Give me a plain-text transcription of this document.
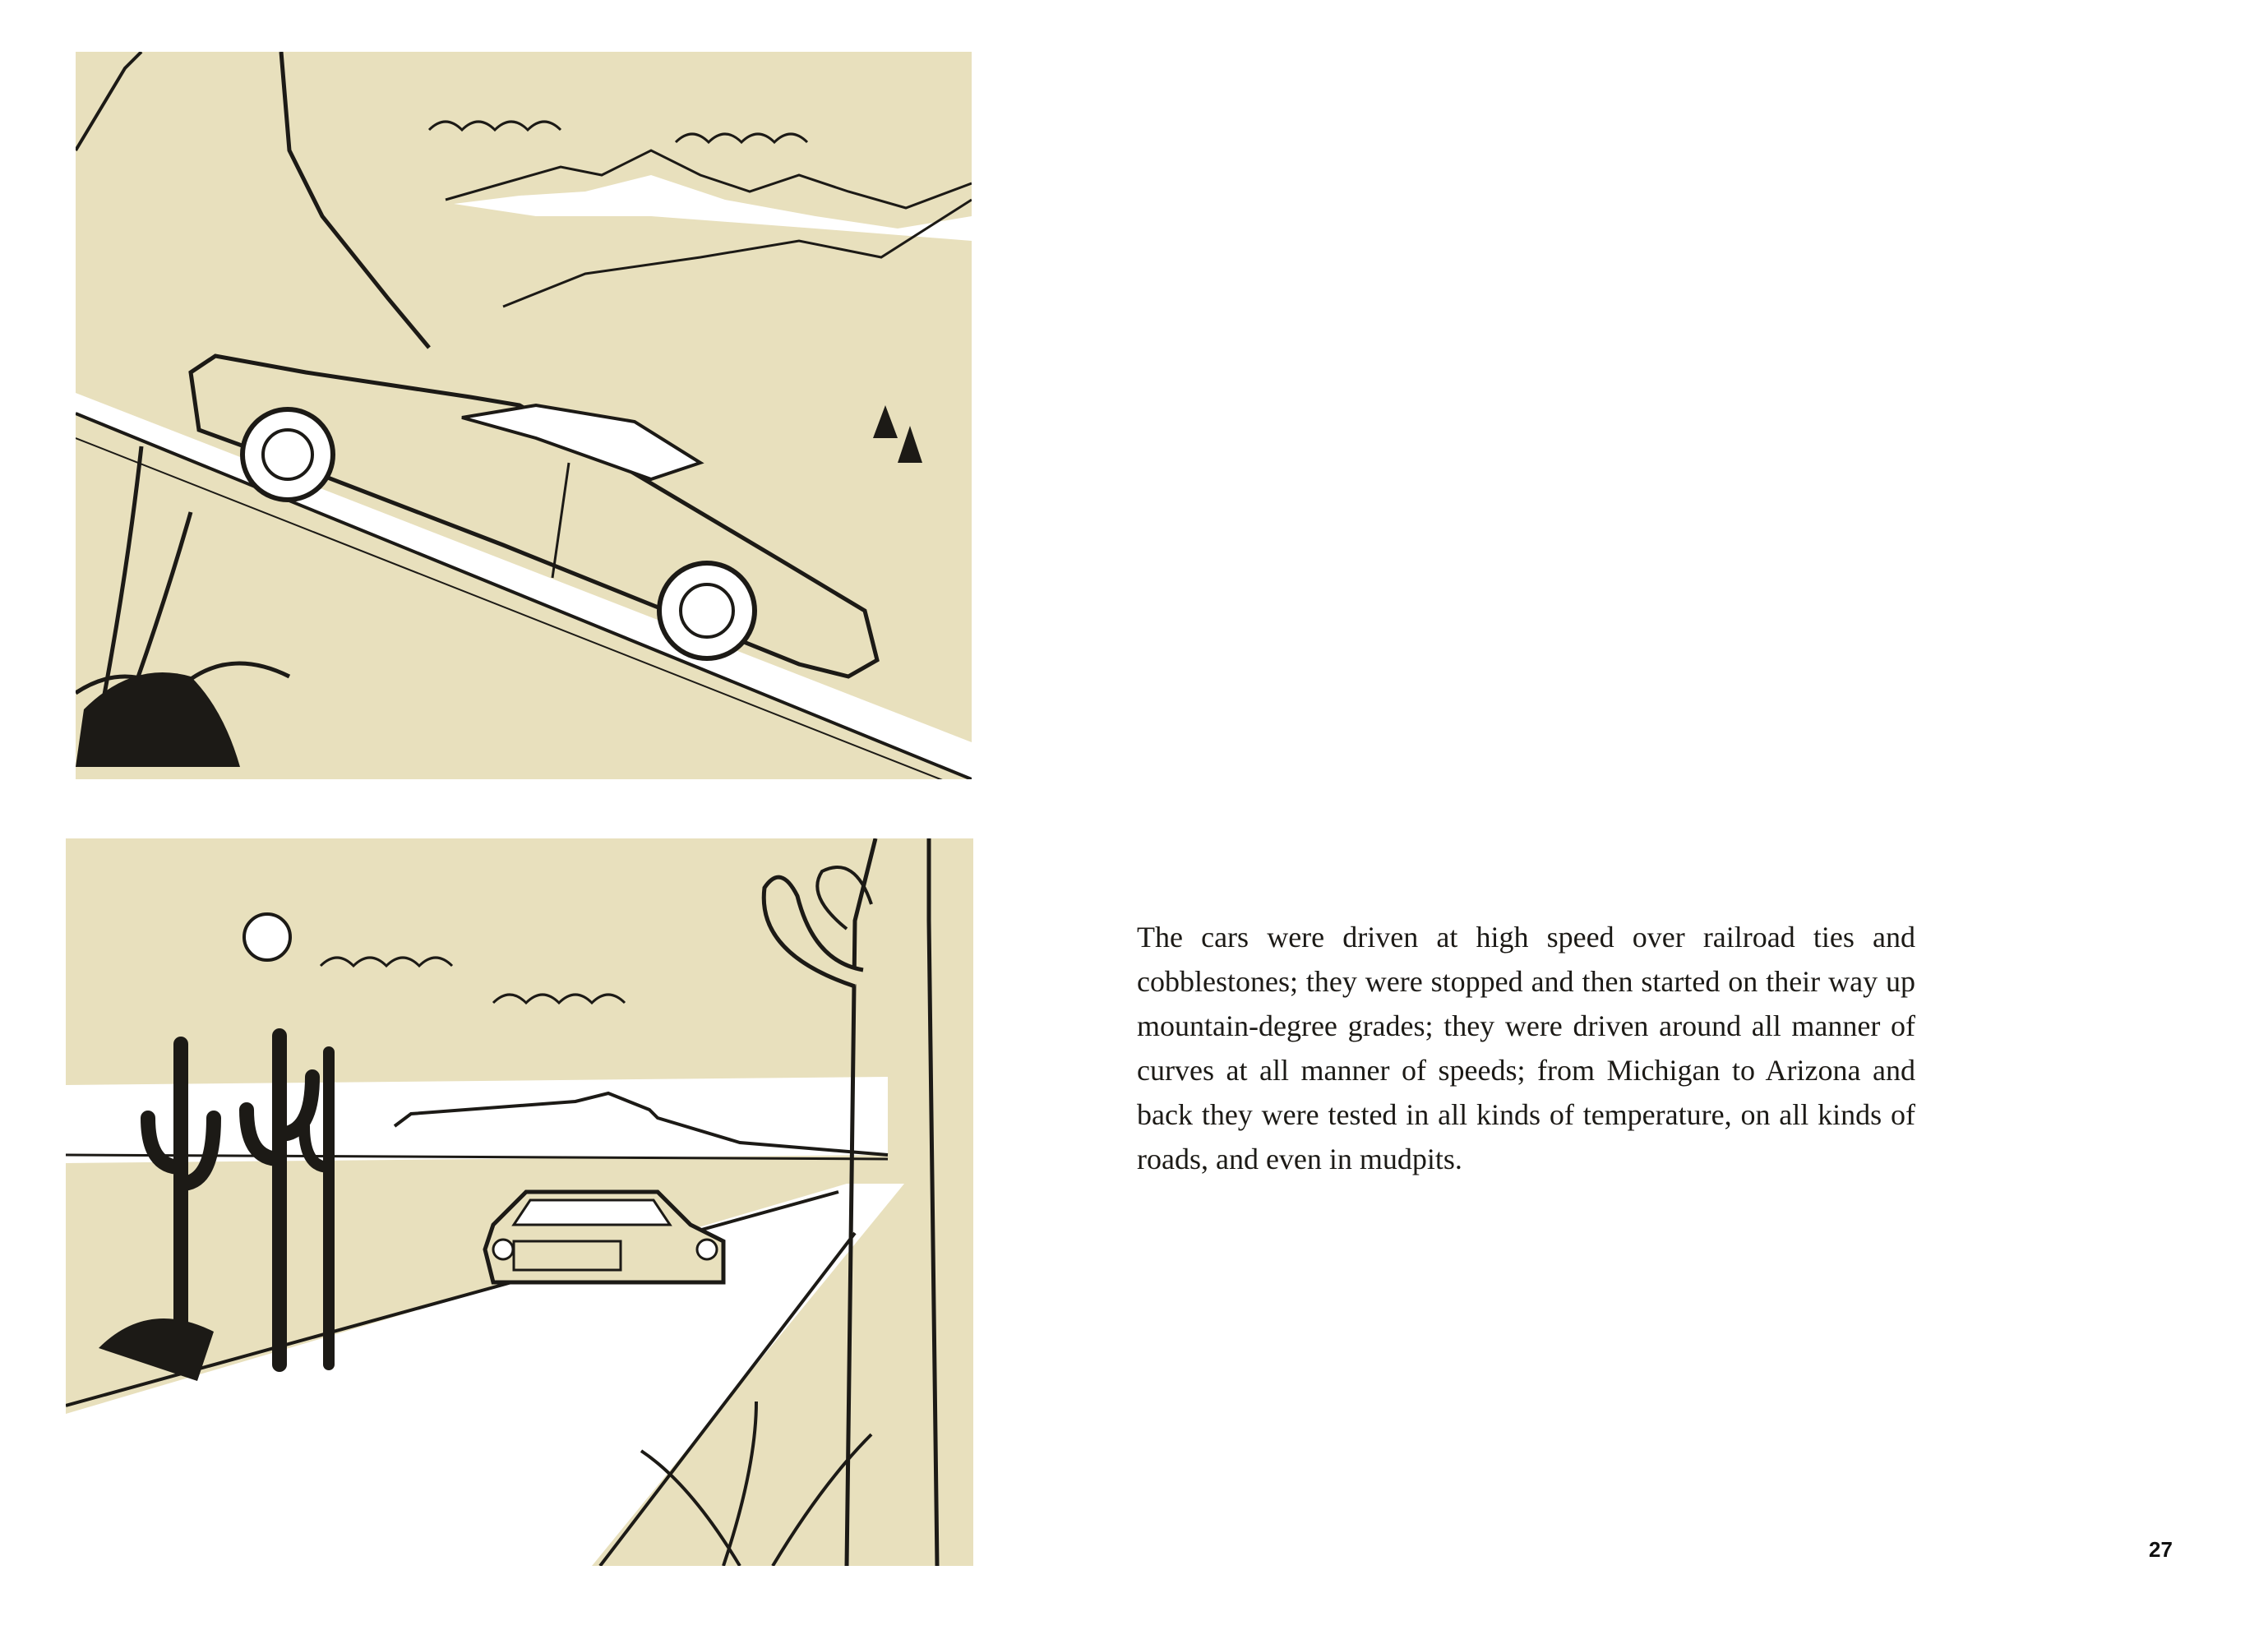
The cars were driven at high speed over railroad ties and cobblestones; they were stopped and then started on their way up mountain-degree grades; they were driven around all manner of curves at all manner of speeds; from Michigan to Arizona and back they were tested in all kinds of temperature, on all kinds of roads, and even in mudpits.

27
